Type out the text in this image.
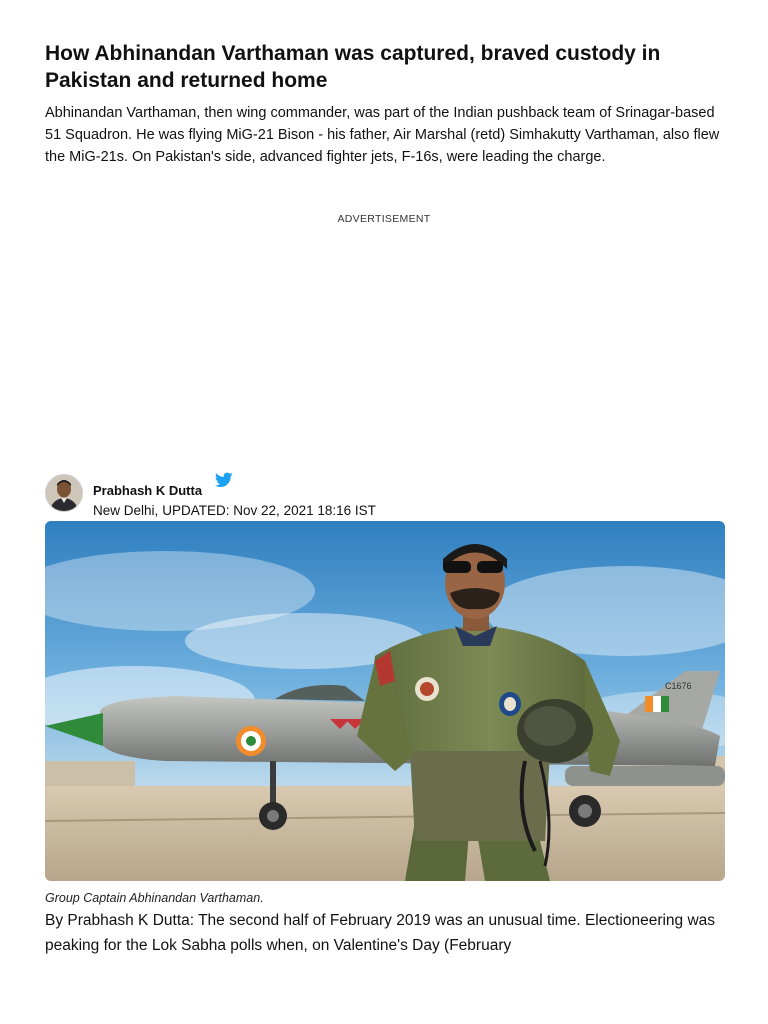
How Abhinandan Varthaman was captured, braved custody in Pakistan and returned home

Abhinandan Varthaman, then wing commander, was part of the Indian pushback team of Srinagar-based 51 Squadron. He was flying MiG-21 Bison - his father, Air Marshal (retd) Simhakutty Varthaman, also flew the MiG-21s. On Pakistan's side, advanced fighter jets, F-16s, were leading the charge.

ADVERTISEMENT
Prabhash K Dutta
New Delhi, UPDATED: Nov 22, 2021 18:16 IST
C1676
Group Captain Abhinandan Varthaman.

By Prabhash K Dutta: The second half of February 2019 was an unusual time. Electioneering was peaking for the Lok Sabha polls when, on Valentine's Day (February
